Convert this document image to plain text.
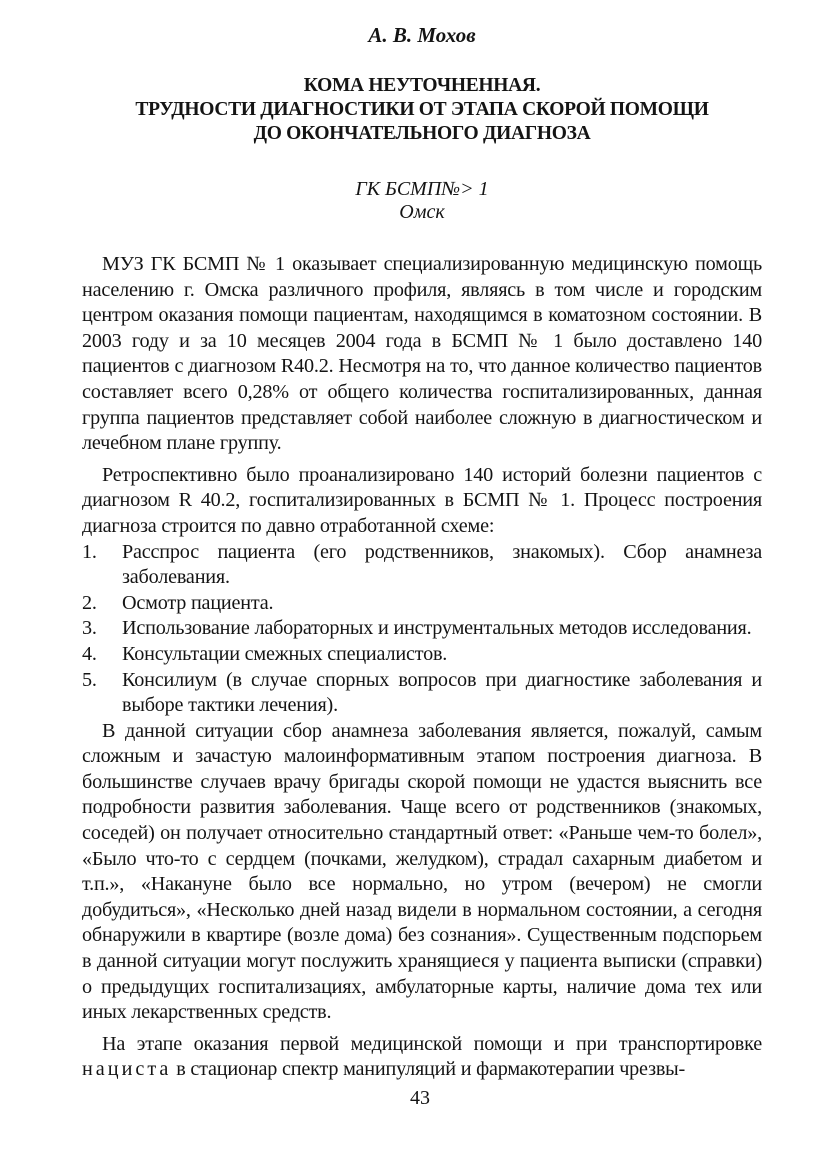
А. В. Мохов

КОМА НЕУТОЧНЕННАЯ.
ТРУДНОСТИ ДИАГНОСТИКИ ОТ ЭТАПА СКОРОЙ ПОМОЩИ
ДО ОКОНЧАТЕЛЬНОГО ДИАГНОЗА
ГК БСМП№> 1
Омск

МУЗ ГК БСМП № 1 оказывает специализированную медицинскую помощь населению г. Омска различного профиля, являясь в том числе и городским центром оказания помощи пациентам, находящимся в коматозном состоянии. В 2003 году и за 10 месяцев 2004 года в БСМП № 1 было доставлено 140 пациентов с диагнозом R40.2. Несмотря на то, что данное количество пациентов составляет всего 0,28% от общего количества госпитализированных, данная группа пациентов представляет собой наиболее сложную в диагностическом и лечебном плане группу.

Ретроспективно было проанализировано 140 историй болезни пациентов с диагнозом R 40.2, госпитализированных в БСМП № 1. Процесс построения диагноза строится по давно отработанной схеме:

1.	Расспрос пациента (его родственников, знакомых). Сбор анамнеза заболевания.
2.	Осмотр пациента.
3.	Использование лабораторных и инструментальных методов исследования.
4.	Консультации смежных специалистов.
5.	Консилиум (в случае спорных вопросов при диагностике заболевания и выборе тактики лечения).

В данной ситуации сбор анамнеза заболевания является, пожалуй, самым сложным и зачастую малоинформативным этапом построения диагноза. В большинстве случаев врачу бригады скорой помощи не удастся выяснить все подробности развития заболевания. Чаще всего от родственников (знакомых, соседей) он получает относительно стандартный ответ: «Раньше чем-то болел», «Было что-то с сердцем (почками, желудком), страдал сахарным диабетом и т.п.», «Накануне было все нормально, но утром (вечером) не смогли добудиться», «Несколько дней назад видели в нормальном состоянии, а сегодня обнаружили в квартире (возле дома) без сознания». Существенным подспорьем в данной ситуации могут послужить хранящиеся у пациента выписки (справки) о предыдущих госпитализациях, амбулаторные карты, наличие дома тех или иных лекарственных средств.

На этапе оказания первой медицинской помощи и при транспортировке нациста в стационар спектр манипуляций и фармакотерапии чрезвы-

43
